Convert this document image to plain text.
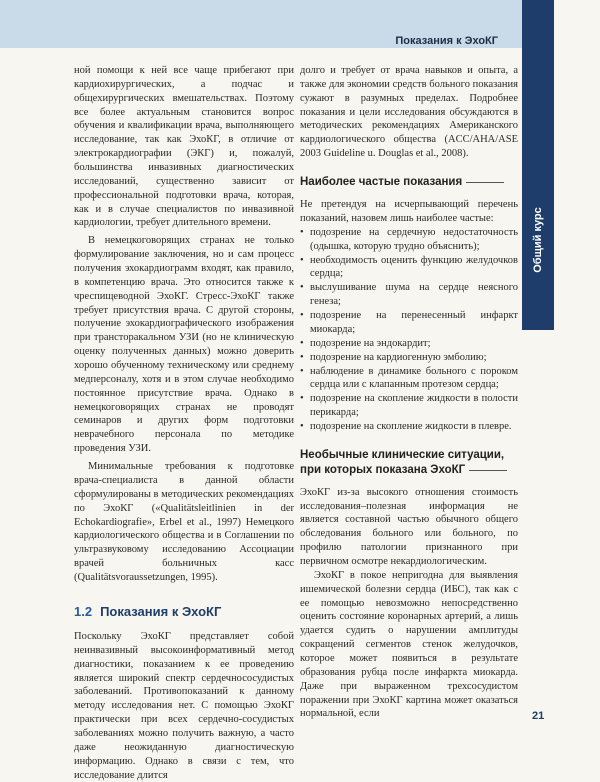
Показания к ЭхоКГ
Общий курс

ной помощи к ней все чаще прибегают при кардиохирургических, а подчас и общехирургических вмешательствах. Поэтому все более актуальным становится вопрос обучения и квалификации врача, выполняющего исследование, так как ЭхоКГ, в отличие от электрокардиографии (ЭКГ) и, пожалуй, большинства инвазивных диагностических исследований, существенно зависит от профессиональной подготовки врача, которая, как и в случае специалистов по инвазивной кардиологии, требует длительного времени.

В немецкоговорящих странах не только формулирование заключения, но и сам процесс получения эхокардиограмм входят, как правило, в компетенцию врача. Это относится также к чреспищеводной ЭхоКГ. Стресс-ЭхоКГ также требует присутствия врача. С другой стороны, получение эхокардиографического изображения при трансторакальном УЗИ (но не клиническую оценку полученных данных) можно доверить хорошо обученному техническому или среднему медперсоналу, хотя и в этом случае необходимо постоянное присутствие врача. Однако в немецкоговорящих странах не проводят семинаров и других форм подготовки неврачебного персонала по методике проведения УЗИ.

Минимальные требования к подготовке врача-специалиста в данной области сформулированы в методических рекомендациях по ЭхоКГ («Qualitätsleitlinien in der Echokardiografie», Erbel et al., 1997) Немецкого кардиологического общества и в Соглашении по ультразвуковому исследованию Ассоциации врачей больничных касс (Qualitätsvoraussetzungen, 1995).

1.2 Показания к ЭхоКГ

Поскольку ЭхоКГ представляет собой неинвазивный высокоинформативный метод диагностики, показанием к ее проведению является широкий спектр сердечнососудистых заболеваний. Противопоказаний к данному методу исследования нет. С помощью ЭхоКГ практически при всех сердечно-сосудистых заболеваниях можно получить важную, а часто даже неожиданную диагностическую информацию. Однако в связи с тем, что исследование длится

долго и требует от врача навыков и опыта, а также для экономии средств больного показания сужают в разумных пределах. Подробнее показания и цели исследования обсуждаются в методических рекомендациях Американского кардиологического общества (ACC/AHA/ASE 2003 Guideline u. Douglas et al., 2008).

Наиболее частые показания

Не претендуя на исчерпывающий перечень показаний, назовем лишь наиболее частые:

• подозрение на сердечную недостаточность (одышка, которую трудно объяснить);
• необходимость оценить функцию желудочков сердца;
• выслушивание шума на сердце неясного генеза;
• подозрение на перенесенный инфаркт миокарда;
• подозрение на эндокардит;
• подозрение на кардиогенную эмболию;
• наблюдение в динамике больного с пороком сердца или с клапанным протезом сердца;
• подозрение на скопление жидкости в полости перикарда;
• подозрение на скопление жидкости в плевре.
Необычные клинические ситуации,
при которых показана ЭхоКГ

ЭхоКГ из-за высокого отношения стоимость исследования–полезная информация не является составной частью обычного общего обследования больного или больного, по профилю патологии признанного при первичном осмотре некардиологическим.

ЭхоКГ в покое непригодна для выявления ишемической болезни сердца (ИБС), так как с ее помощью невозможно непосредственно оценить состояние коронарных артерий, а лишь удается судить о нарушении амплитуды сокращений сегментов стенок желудочков, которое может появиться в результате образования рубца после инфаркта миокарда. Даже при выраженном трехсосудистом поражении при ЭхоКГ картина может оказаться нормальной, если	21
